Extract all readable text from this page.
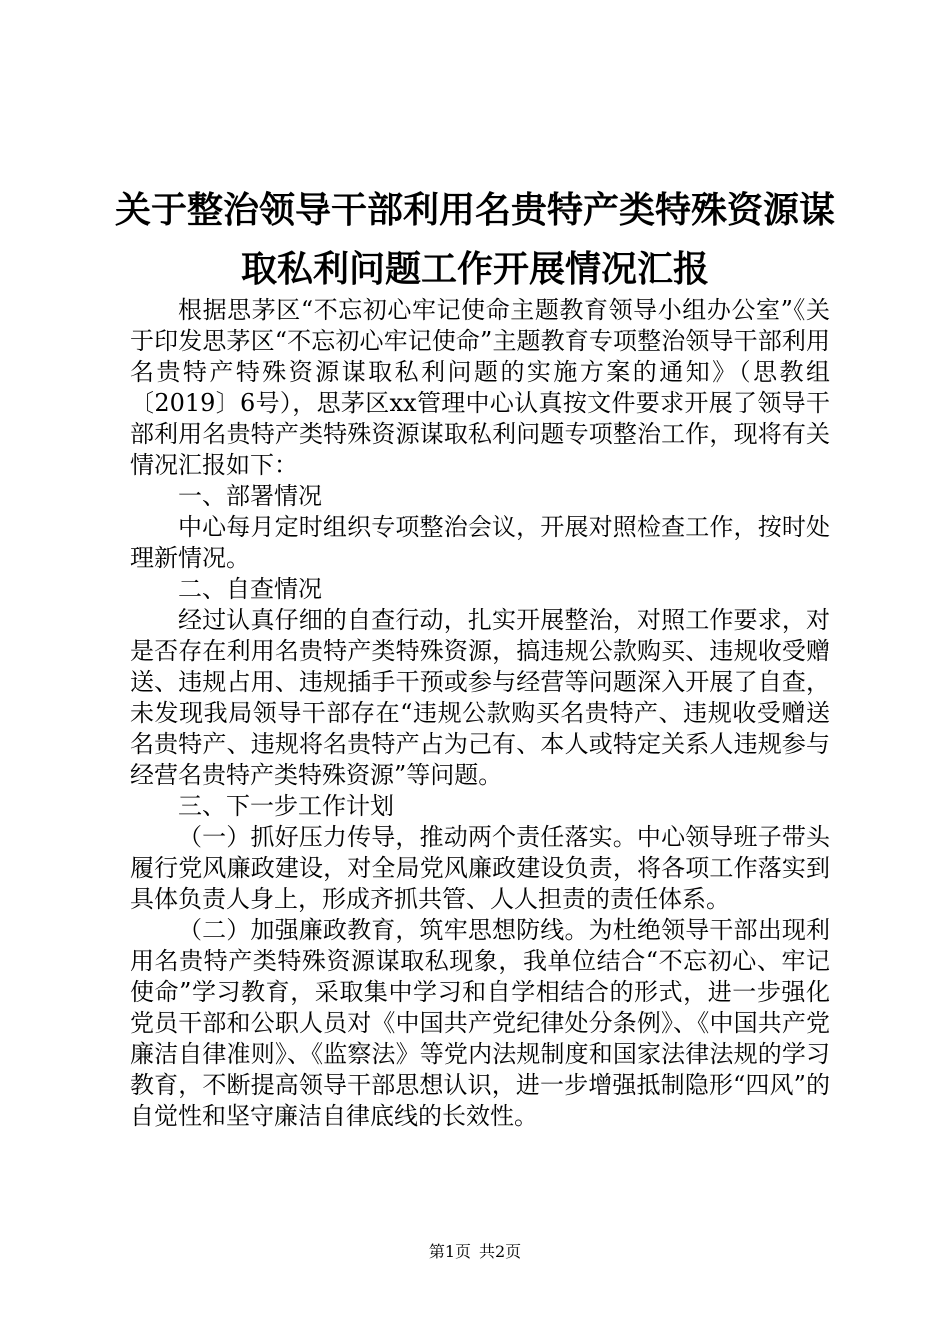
关于整治领导干部利用名贵特产类特殊资源谋
取私利问题工作开展情况汇报

根据思茅区“不忘初心牢记使命主题教育领导小组办公室”《关于印发思茅区“不忘初心牢记使命”主题教育专项整治领导干部利用名贵特产特殊资源谋取私利问题的实施方案的通知》（思教组〔2019〕6号），思茅区xx管理中心认真按文件要求开展了领导干部利用名贵特产类特殊资源谋取私利问题专项整治工作，现将有关情况汇报如下：

一、部署情况

中心每月定时组织专项整治会议，开展对照检查工作，按时处理新情况。

二、自查情况

经过认真仔细的自查行动，扎实开展整治，对照工作要求，对是否存在利用名贵特产类特殊资源，搞违规公款购买、违规收受赠送、违规占用、违规插手干预或参与经营等问题深入开展了自查，未发现我局领导干部存在“违规公款购买名贵特产、违规收受赠送名贵特产、违规将名贵特产占为己有、本人或特定关系人违规参与经营名贵特产类特殊资源”等问题。

三、下一步工作计划

（一）抓好压力传导，推动两个责任落实。中心领导班子带头履行党风廉政建设，对全局党风廉政建设负责，将各项工作落实到具体负责人身上，形成齐抓共管、人人担责的责任体系。

（二）加强廉政教育，筑牢思想防线。为杜绝领导干部出现利用名贵特产类特殊资源谋取私现象，我单位结合“不忘初心、牢记使命”学习教育，采取集中学习和自学相结合的形式，进一步强化党员干部和公职人员对《中国共产党纪律处分条例》、《中国共产党廉洁自律准则》、《监察法》等党内法规制度和国家法律法规的学习教育，不断提高领导干部思想认识，进一步增强抵制隐形“四风”的自觉性和坚守廉洁自律底线的长效性。

第1页 共2页
